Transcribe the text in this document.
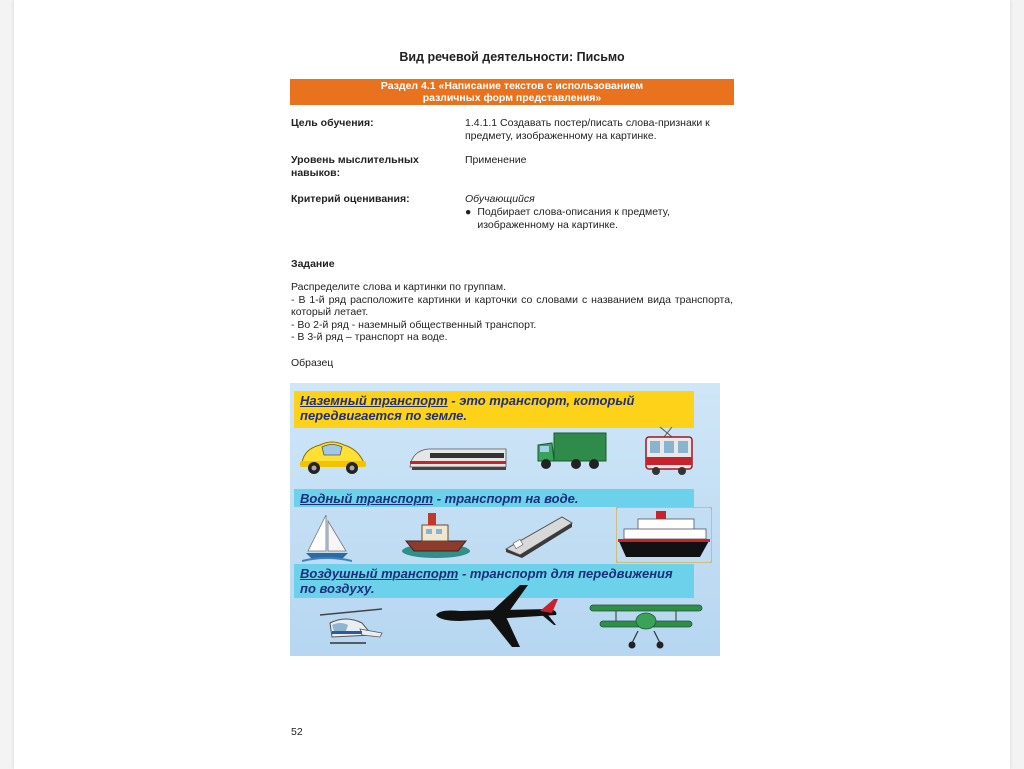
Вид речевой деятельности: Письмо
Раздел 4.1 «Написание текстов с использованием
различных форм представления»
Цель обучения:	1.4.1.1 Создавать постер/писать слова-признаки к предмету, изображенному на картинке.
Уровень мыслительных навыков:
Применение
Критерий оценивания:	Обучающийся
● Подбирает слова-описания к предмету, изображенному на картинке.
Задание
Распределите слова и картинки по группам.
- В 1-й ряд расположите картинки и карточки со словами с названием вида транспорта, который летает.
- Во 2-й ряд - наземный общественный транспорт.
- В 3-й ряд – транспорт на воде.
Образец
Наземный транспорт - это транспорт, который передвигается по земле.
Водный транспорт - транспорт на воде.
Воздушный транспорт - транспорт для передвижения по воздуху.
52
